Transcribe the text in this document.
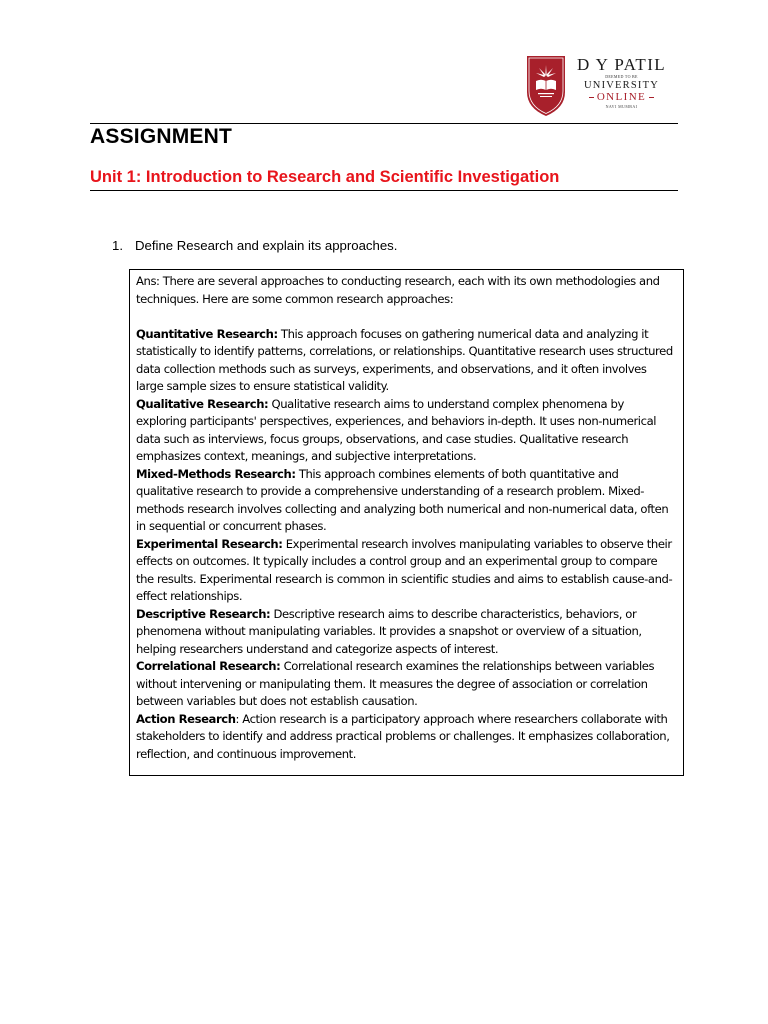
D Y PATIL
DEEMED TO BE
UNIVERSITY
ONLINE
NAVI MUMBAI
ASSIGNMENT
Unit 1: Introduction to Research and Scientific Investigation
1. Define Research and explain its approaches.

Ans: There are several approaches to conducting research, each with its own methodologies and techniques. Here are some common research approaches:

Quantitative Research: This approach focuses on gathering numerical data and analyzing it statistically to identify patterns, correlations, or relationships. Quantitative research uses structured data collection methods such as surveys, experiments, and observations, and it often involves large sample sizes to ensure statistical validity.

Qualitative Research: Qualitative research aims to understand complex phenomena by exploring participants' perspectives, experiences, and behaviors in-depth. It uses non-numerical data such as interviews, focus groups, observations, and case studies. Qualitative research emphasizes context, meanings, and subjective interpretations.

Mixed-Methods Research: This approach combines elements of both quantitative and qualitative research to provide a comprehensive understanding of a research problem. Mixed-methods research involves collecting and analyzing both numerical and non-numerical data, often in sequential or concurrent phases.

Experimental Research: Experimental research involves manipulating variables to observe their effects on outcomes. It typically includes a control group and an experimental group to compare the results. Experimental research is common in scientific studies and aims to establish cause-and-effect relationships.

Descriptive Research: Descriptive research aims to describe characteristics, behaviors, or phenomena without manipulating variables. It provides a snapshot or overview of a situation, helping researchers understand and categorize aspects of interest.

Correlational Research: Correlational research examines the relationships between variables without intervening or manipulating them. It measures the degree of association or correlation between variables but does not establish causation.

Action Research: Action research is a participatory approach where researchers collaborate with stakeholders to identify and address practical problems or challenges. It emphasizes collaboration, reflection, and continuous improvement.
